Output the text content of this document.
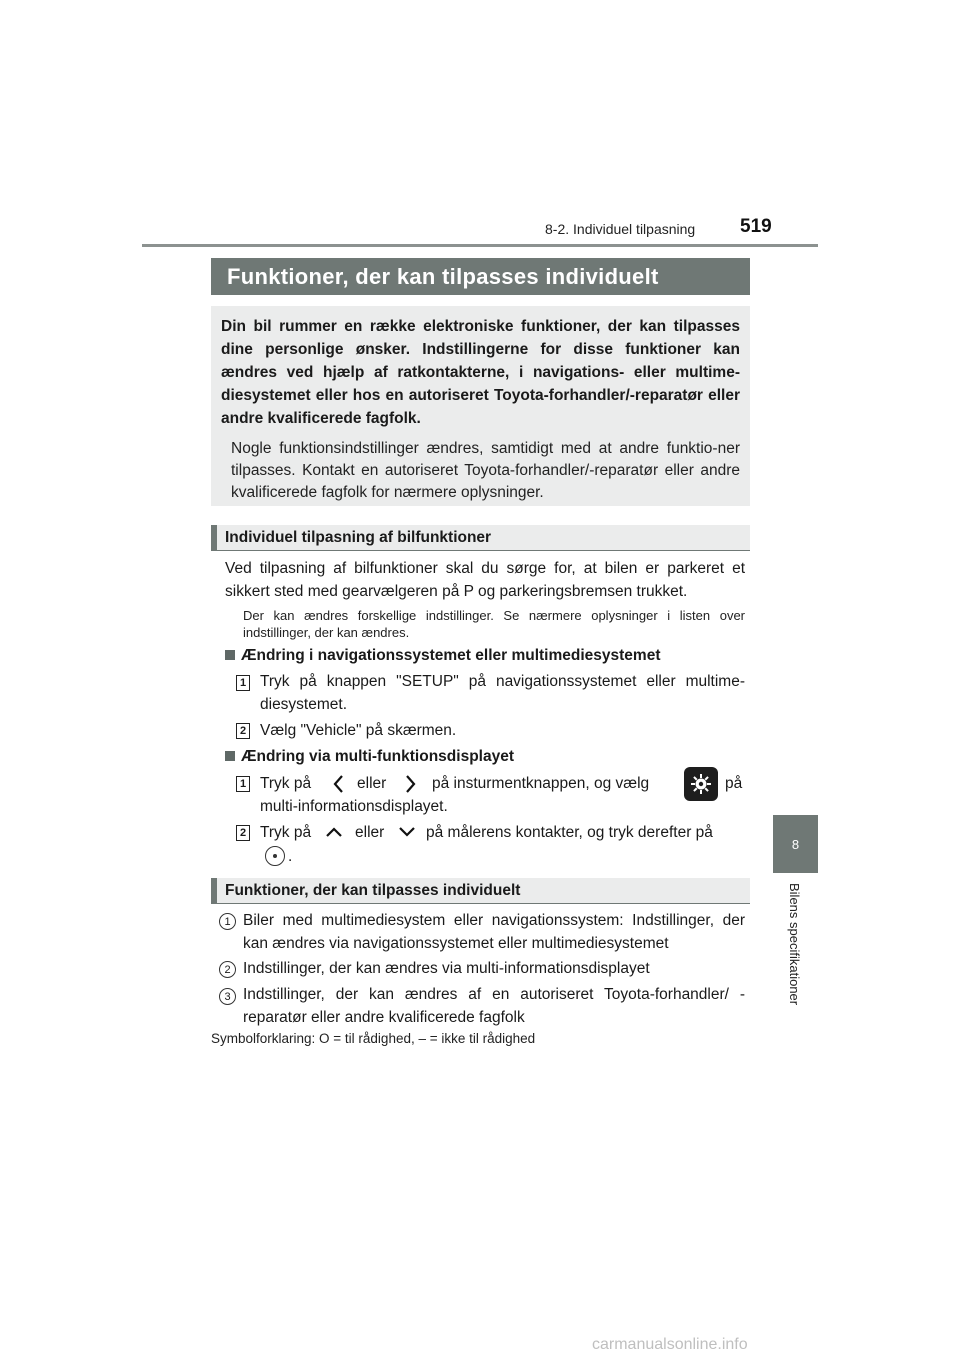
8-2. Individuel tilpasning 519
8
Bilens specifikationer
Funktioner, der kan tilpasses individuelt
Din bil rummer en række elektroniske funktioner, der kan tilpasses dine personlige ønsker. Indstillingerne for disse funktioner kan ændres ved hjælp af ratkontakterne, i navigations- eller multime-diesystemet eller hos en autoriseret Toyota-forhandler/-reparatør eller andre kvalificerede fagfolk.
Nogle funktionsindstillinger ændres, samtidigt med at andre funktio-ner tilpasses. Kontakt en autoriseret Toyota-forhandler/-reparatør eller andre kvalificerede fagfolk for nærmere oplysninger.
Individuel tilpasning af bilfunktioner
Ved tilpasning af bilfunktioner skal du sørge for, at bilen er parkeret et sikkert sted med gearvælgeren på P og parkeringsbremsen trukket.
Der kan ændres forskellige indstillinger. Se nærmere oplysninger i listen over indstillinger, der kan ændres.
Ændring i navigationssystemet eller multimediesystemet
1 Tryk på knappen "SETUP" på navigationssystemet eller multime-diesystemet.
2 Vælg "Vehicle" på skærmen.
Ændring via multi-funktionsdisplayet
1 Tryk på	eller	på insturmentknappen, og vælg	på
multi-informationsdisplayet.
2 Tryk på	eller	på målerens kontakter, og tryk derefter på
.
Funktioner, der kan tilpasses individuelt
1 Biler med multimediesystem eller navigationssystem: Indstillinger, der kan ændres via navigationssystemet eller multimediesystemet
2 Indstillinger, der kan ændres via multi-informationsdisplayet
3 Indstillinger, der kan ændres af en autoriseret Toyota-forhandler/ -reparatør eller andre kvalificerede fagfolk
Symbolforklaring: O = til rådighed, – = ikke til rådighed
carmanualsonline.info
